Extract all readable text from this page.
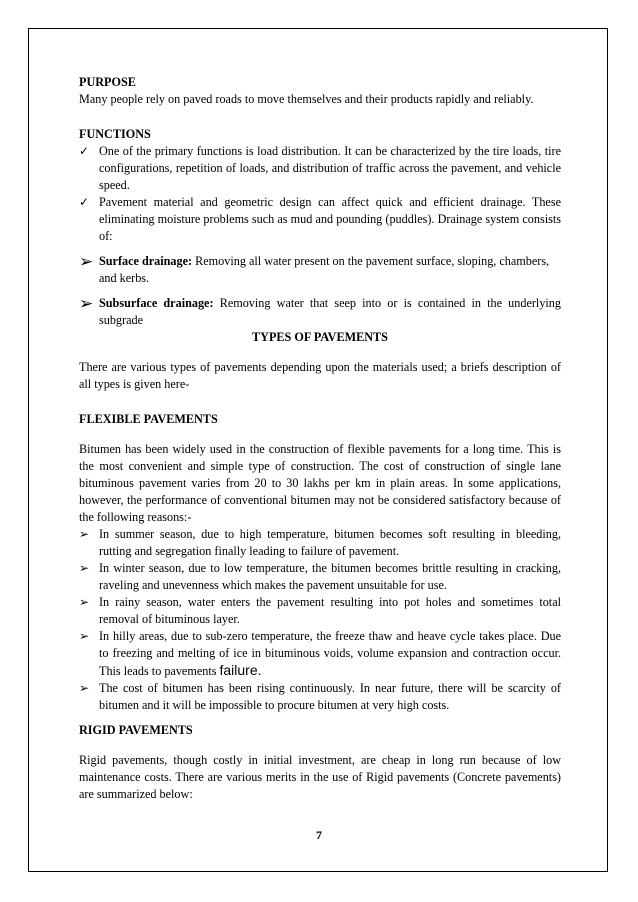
PURPOSE

Many people rely on paved roads to move themselves and their products rapidly and reliably.

FUNCTIONS

✓ One of the primary functions is load distribution. It can be characterized by the tire loads, tire configurations, repetition of loads, and distribution of traffic across the pavement, and vehicle speed.
✓ Pavement material and geometric design can affect quick and efficient drainage. These eliminating moisture problems such as mud and pounding (puddles). Drainage system consists of:
➢ Surface drainage: Removing all water present on the pavement surface, sloping, chambers,
and kerbs.
➢ Subsurface drainage: Removing water that seep into or is contained in the underlying subgrade

TYPES OF PAVEMENTS

There are various types of pavements depending upon the materials used; a briefs description of all types is given here-

FLEXIBLE PAVEMENTS

Bitumen has been widely used in the construction of flexible pavements for a long time. This is the most convenient and simple type of construction. The cost of construction of single lane bituminous pavement varies from 20 to 30 lakhs per km in plain areas. In some applications, however, the performance of conventional bitumen may not be considered satisfactory because of the following reasons:-

➢ In summer season, due to high temperature, bitumen becomes soft resulting in bleeding, rutting and segregation finally leading to failure of pavement.
➢ In winter season, due to low temperature, the bitumen becomes brittle resulting in cracking, raveling and unevenness which makes the pavement unsuitable for use.
➢ In rainy season, water enters the pavement resulting into pot holes and sometimes total removal of bituminous layer.
➢ In hilly areas, due to sub-zero temperature, the freeze thaw and heave cycle takes place. Due to freezing and melting of ice in bituminous voids, volume expansion and contraction occur. This leads to pavements failure.
➢ The cost of bitumen has been rising continuously. In near future, there will be scarcity of bitumen and it will be impossible to procure bitumen at very high costs.

RIGID PAVEMENTS

Rigid pavements, though costly in initial investment, are cheap in long run because of low maintenance costs. There are various merits in the use of Rigid pavements (Concrete pavements) are summarized below:

7
